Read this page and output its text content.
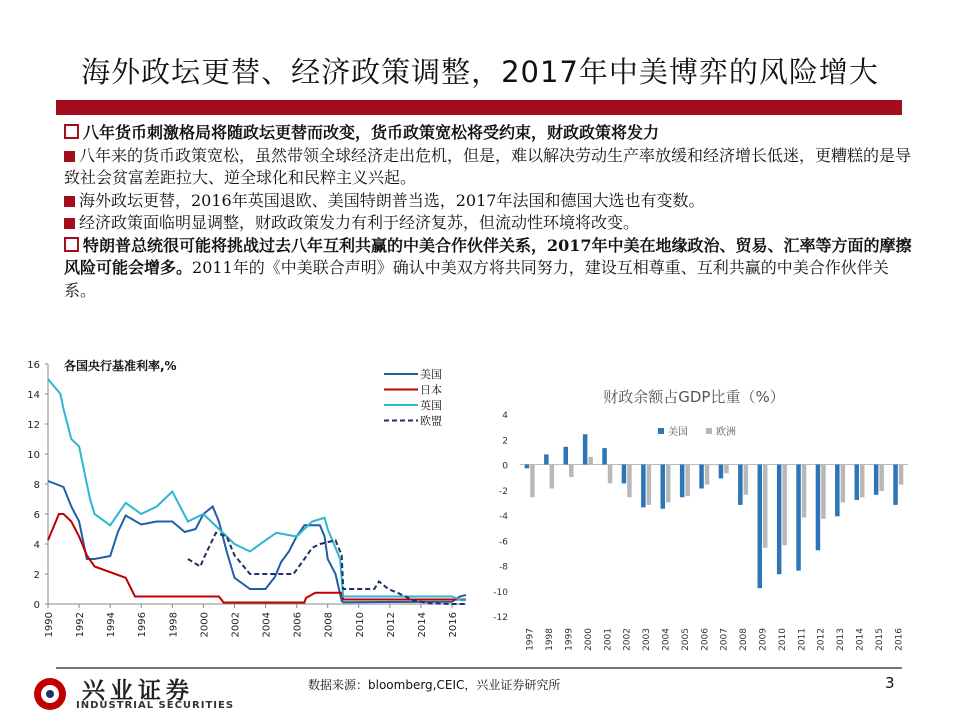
海外政坛更替、经济政策调整，2017年中美博弈的风险增大

八年货币刺激格局将随政坛更替而改变，货币政策宽松将受约束，财政政策将发力

八年来的货币政策宽松，虽然带领全球经济走出危机，但是，难以解决劳动生产率放缓和经济增长低迷，更糟糕的是导致社会贫富差距拉大、逆全球化和民粹主义兴起。

海外政坛更替，2016年英国退欧、美国特朗普当选，2017年法国和德国大选也有变数。

经济政策面临明显调整，财政政策发力有利于经济复苏，但流动性环境将改变。

特朗普总统很可能将挑战过去八年互利共赢的中美合作伙伴关系，2017年中美在地缘政治、贸易、汇率等方面的摩擦风险可能会增多。2011年的《中美联合声明》确认中美双方将共同努力，建设互相尊重、互利共赢的中美合作伙伴关系。

0
2
4
6
8
10
12
14
16
1990 1992 1994 1996 1998 2000 2002 2004 2006 2008 2010 2012 2014 2016
各国央行基准利率,%
美国
日本
英国
欧盟
财政余额占GDP比重（%）
4
2
0
-2
-4
-6
-8
-10
-12
1997 1998 1999 2000 2001 2002 2003 2004 2005 2006 2007 2008 2009 2010 2011 2012 2013 2014 2015 2016
美国	欧洲
兴业证券
INDUSTRIAL SECURITIES
数据来源：bloomberg,CEIC，兴业证券研究所	3
